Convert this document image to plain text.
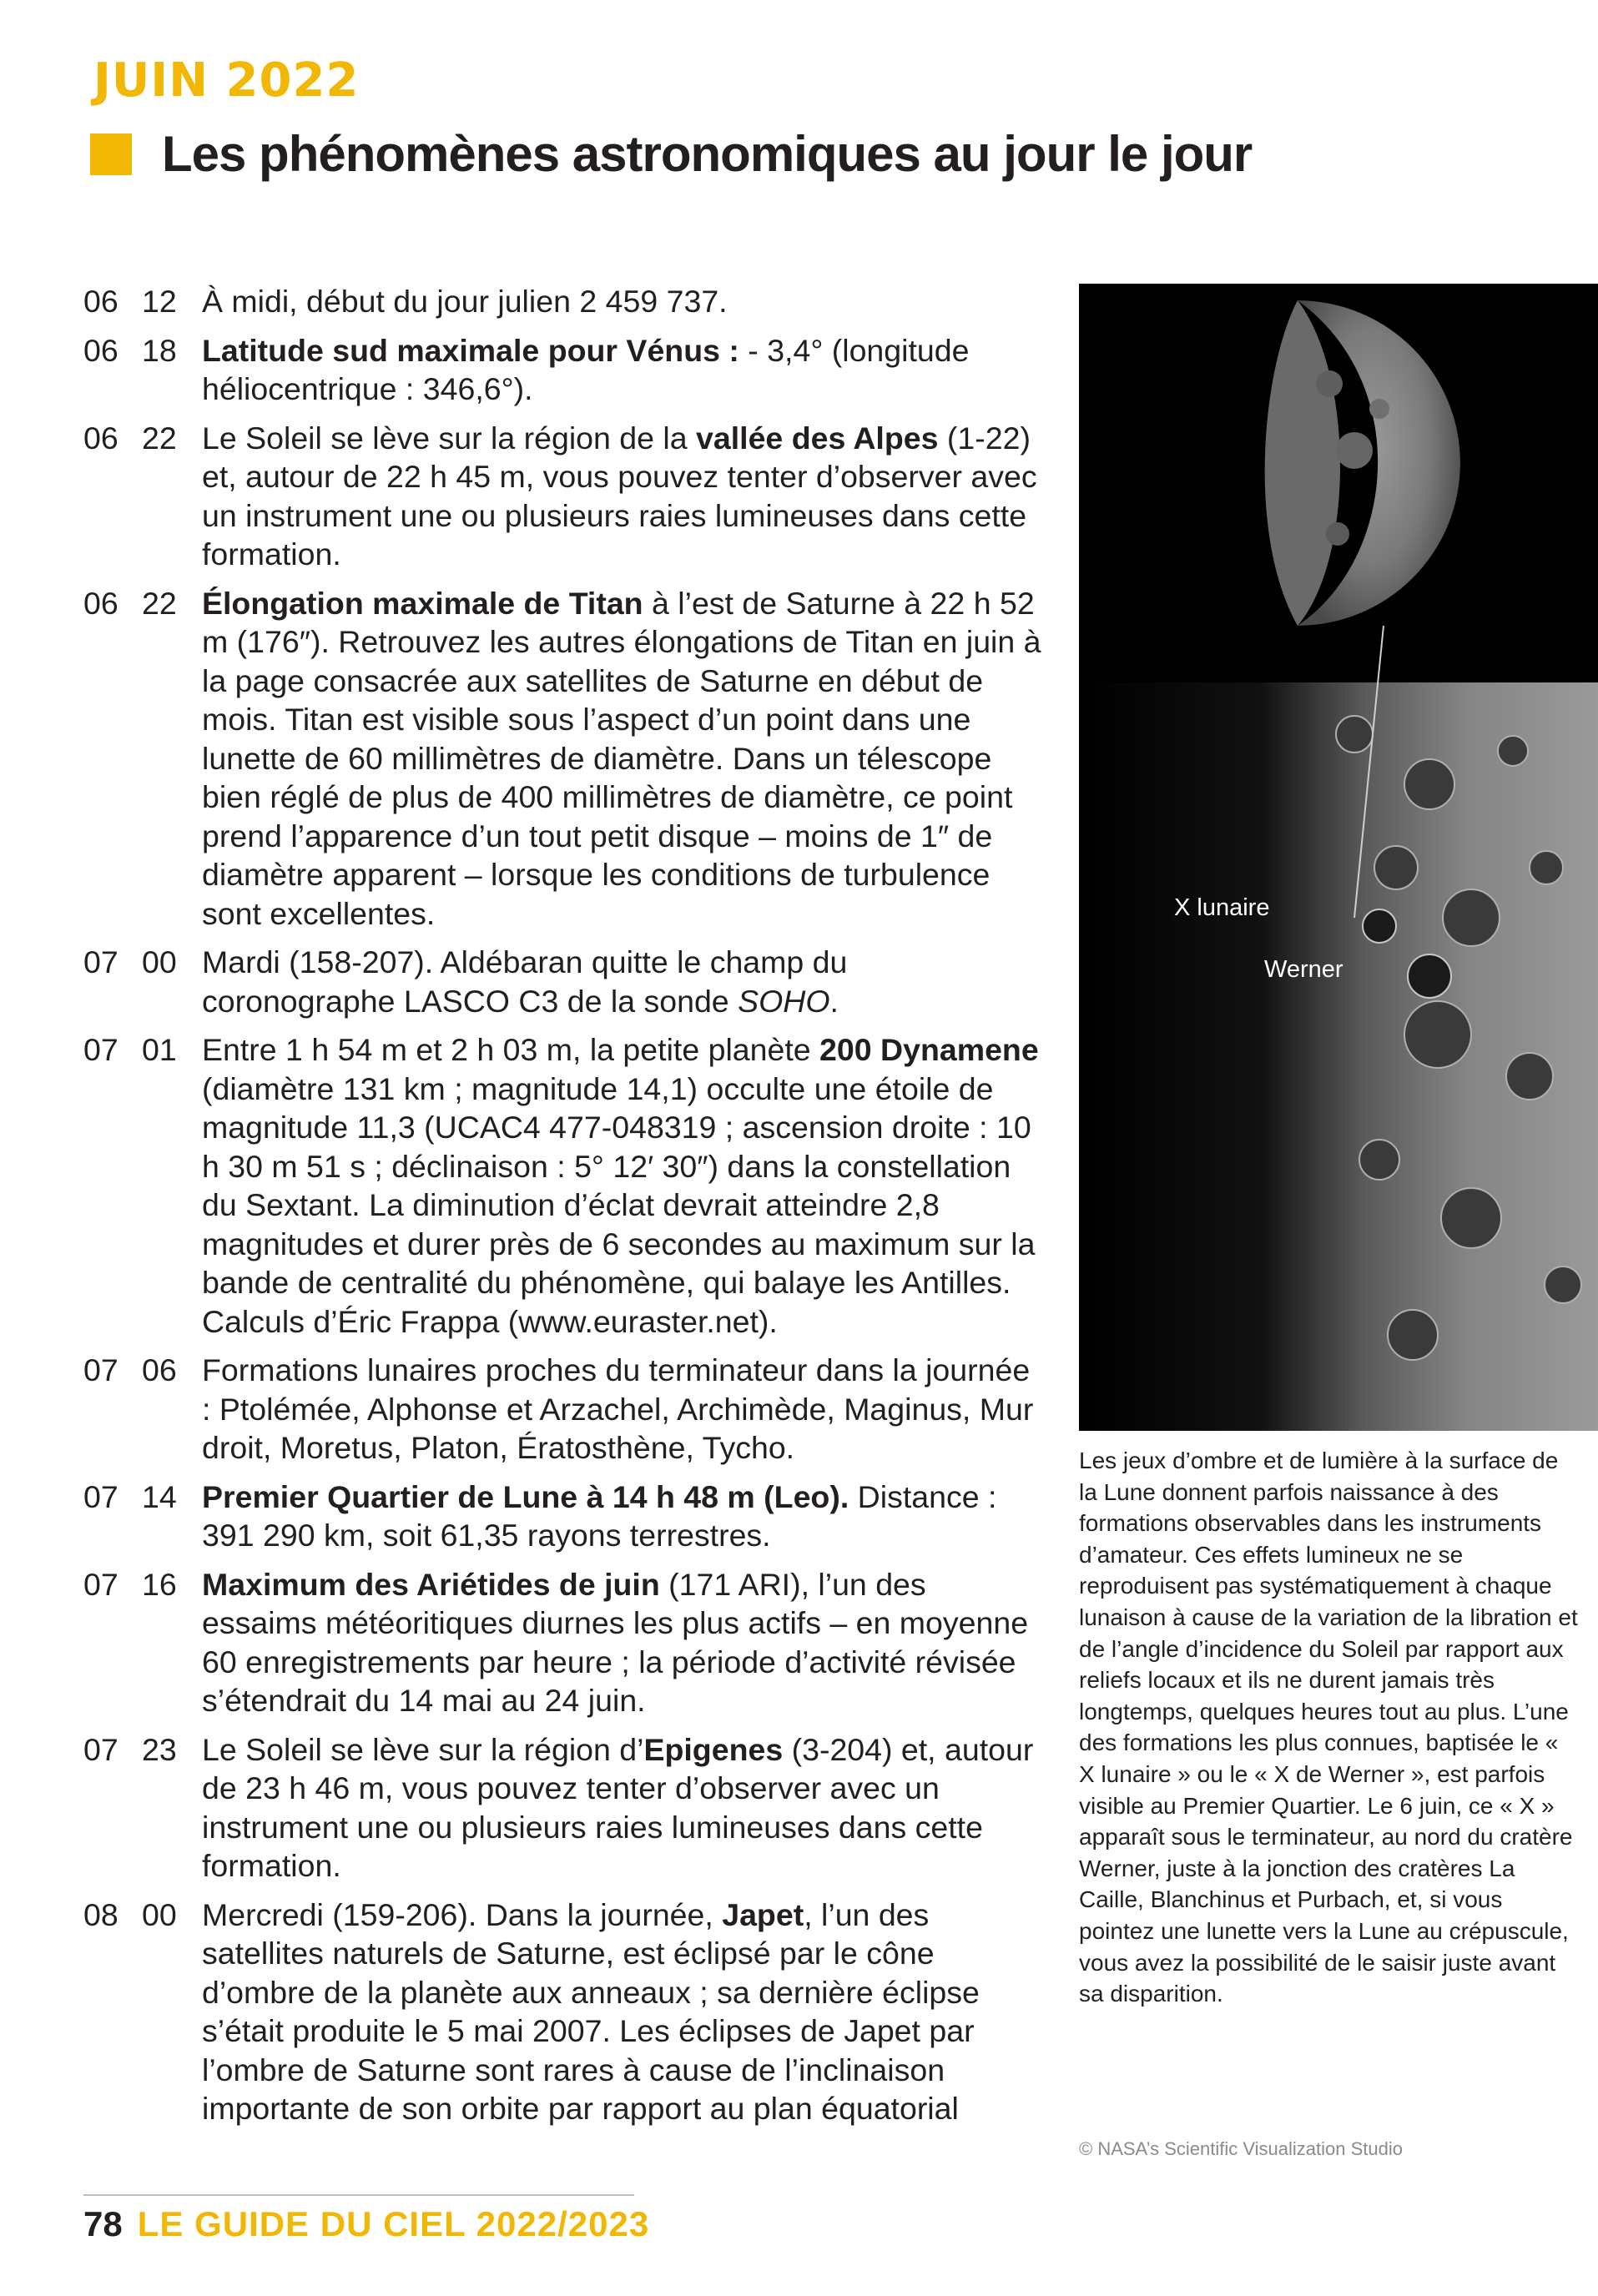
JUIN 2022
Les phénomènes astronomiques au jour le jour
06 12 À midi, début du jour julien 2 459 737.
06 18 Latitude sud maximale pour Vénus : - 3,4° (longitude héliocentrique : 346,6°).
06 22 Le Soleil se lève sur la région de la vallée des Alpes (1-22) et, autour de 22 h 45 m, vous pouvez tenter d’observer avec un instrument une ou plusieurs raies lumineuses dans cette formation.
06 22 Élongation maximale de Titan à l’est de Saturne à 22 h 52 m (176″). Retrouvez les autres élongations de Titan en juin à la page consacrée aux satellites de Saturne en début de mois. Titan est visible sous l’aspect d’un point dans une lunette de 60 millimètres de diamètre. Dans un télescope bien réglé de plus de 400 millimètres de diamètre, ce point prend l’apparence d’un tout petit disque – moins de 1″ de diamètre apparent – lorsque les conditions de turbulence sont excellentes.
07 00 Mardi (158-207). Aldébaran quitte le champ du coronographe LASCO C3 de la sonde SOHO.
07 01 Entre 1 h 54 m et 2 h 03 m, la petite planète 200 Dynamene (diamètre 131 km ; magnitude 14,1) occulte une étoile de magnitude 11,3 (UCAC4 477-048319 ; ascension droite : 10 h 30 m 51 s ; déclinaison : 5° 12′ 30″) dans la constellation du Sextant. La diminution d’éclat devrait atteindre 2,8 magnitudes et durer près de 6 secondes au maximum sur la bande de centralité du phénomène, qui balaye les Antilles. Calculs d’Éric Frappa (www.euraster.net).
07 06 Formations lunaires proches du terminateur dans la journée : Ptolémée, Alphonse et Arzachel, Archimède, Maginus, Mur droit, Moretus, Platon, Ératosthène, Tycho.
07 14 Premier Quartier de Lune à 14 h 48 m (Leo). Distance : 391 290 km, soit 61,35 rayons terrestres.
07 16 Maximum des Ariétides de juin (171 ARI), l’un des essaims météoritiques diurnes les plus actifs – en moyenne 60 enregistrements par heure ; la période d’activité révisée s’étendrait du 14 mai au 24 juin.
07 23 Le Soleil se lève sur la région d’Epigenes (3-204) et, autour de 23 h 46 m, vous pouvez tenter d’observer avec un instrument une ou plusieurs raies lumineuses dans cette formation.
08 00 Mercredi (159-206). Dans la journée, Japet, l’un des satellites naturels de Saturne, est éclipsé par le cône d’ombre de la planète aux anneaux ; sa dernière éclipse s’était produite le 5 mai 2007. Les éclipses de Japet par l’ombre de Saturne sont rares à cause de l’inclinaison importante de son orbite par rapport au plan équatorial
X lunaire
Werner

Les jeux d’ombre et de lumière à la surface de la Lune donnent parfois naissance à des formations observables dans les instruments d’amateur. Ces effets lumineux ne se reproduisent pas systématiquement à chaque lunaison à cause de la variation de la libration et de l’angle d’incidence du Soleil par rapport aux reliefs locaux et ils ne durent jamais très longtemps, quelques heures tout au plus. L’une des formations les plus connues, baptisée le « X lunaire » ou le « X de Werner », est parfois visible au Premier Quartier. Le 6 juin, ce « X » apparaît sous le terminateur, au nord du cratère Werner, juste à la jonction des cratères La Caille, Blanchinus et Purbach, et, si vous pointez une lunette vers la Lune au crépuscule, vous avez la possibilité de le saisir juste avant sa disparition.

© NASA’s Scientific Visualization Studio
78 LE GUIDE DU CIEL 2022/2023
